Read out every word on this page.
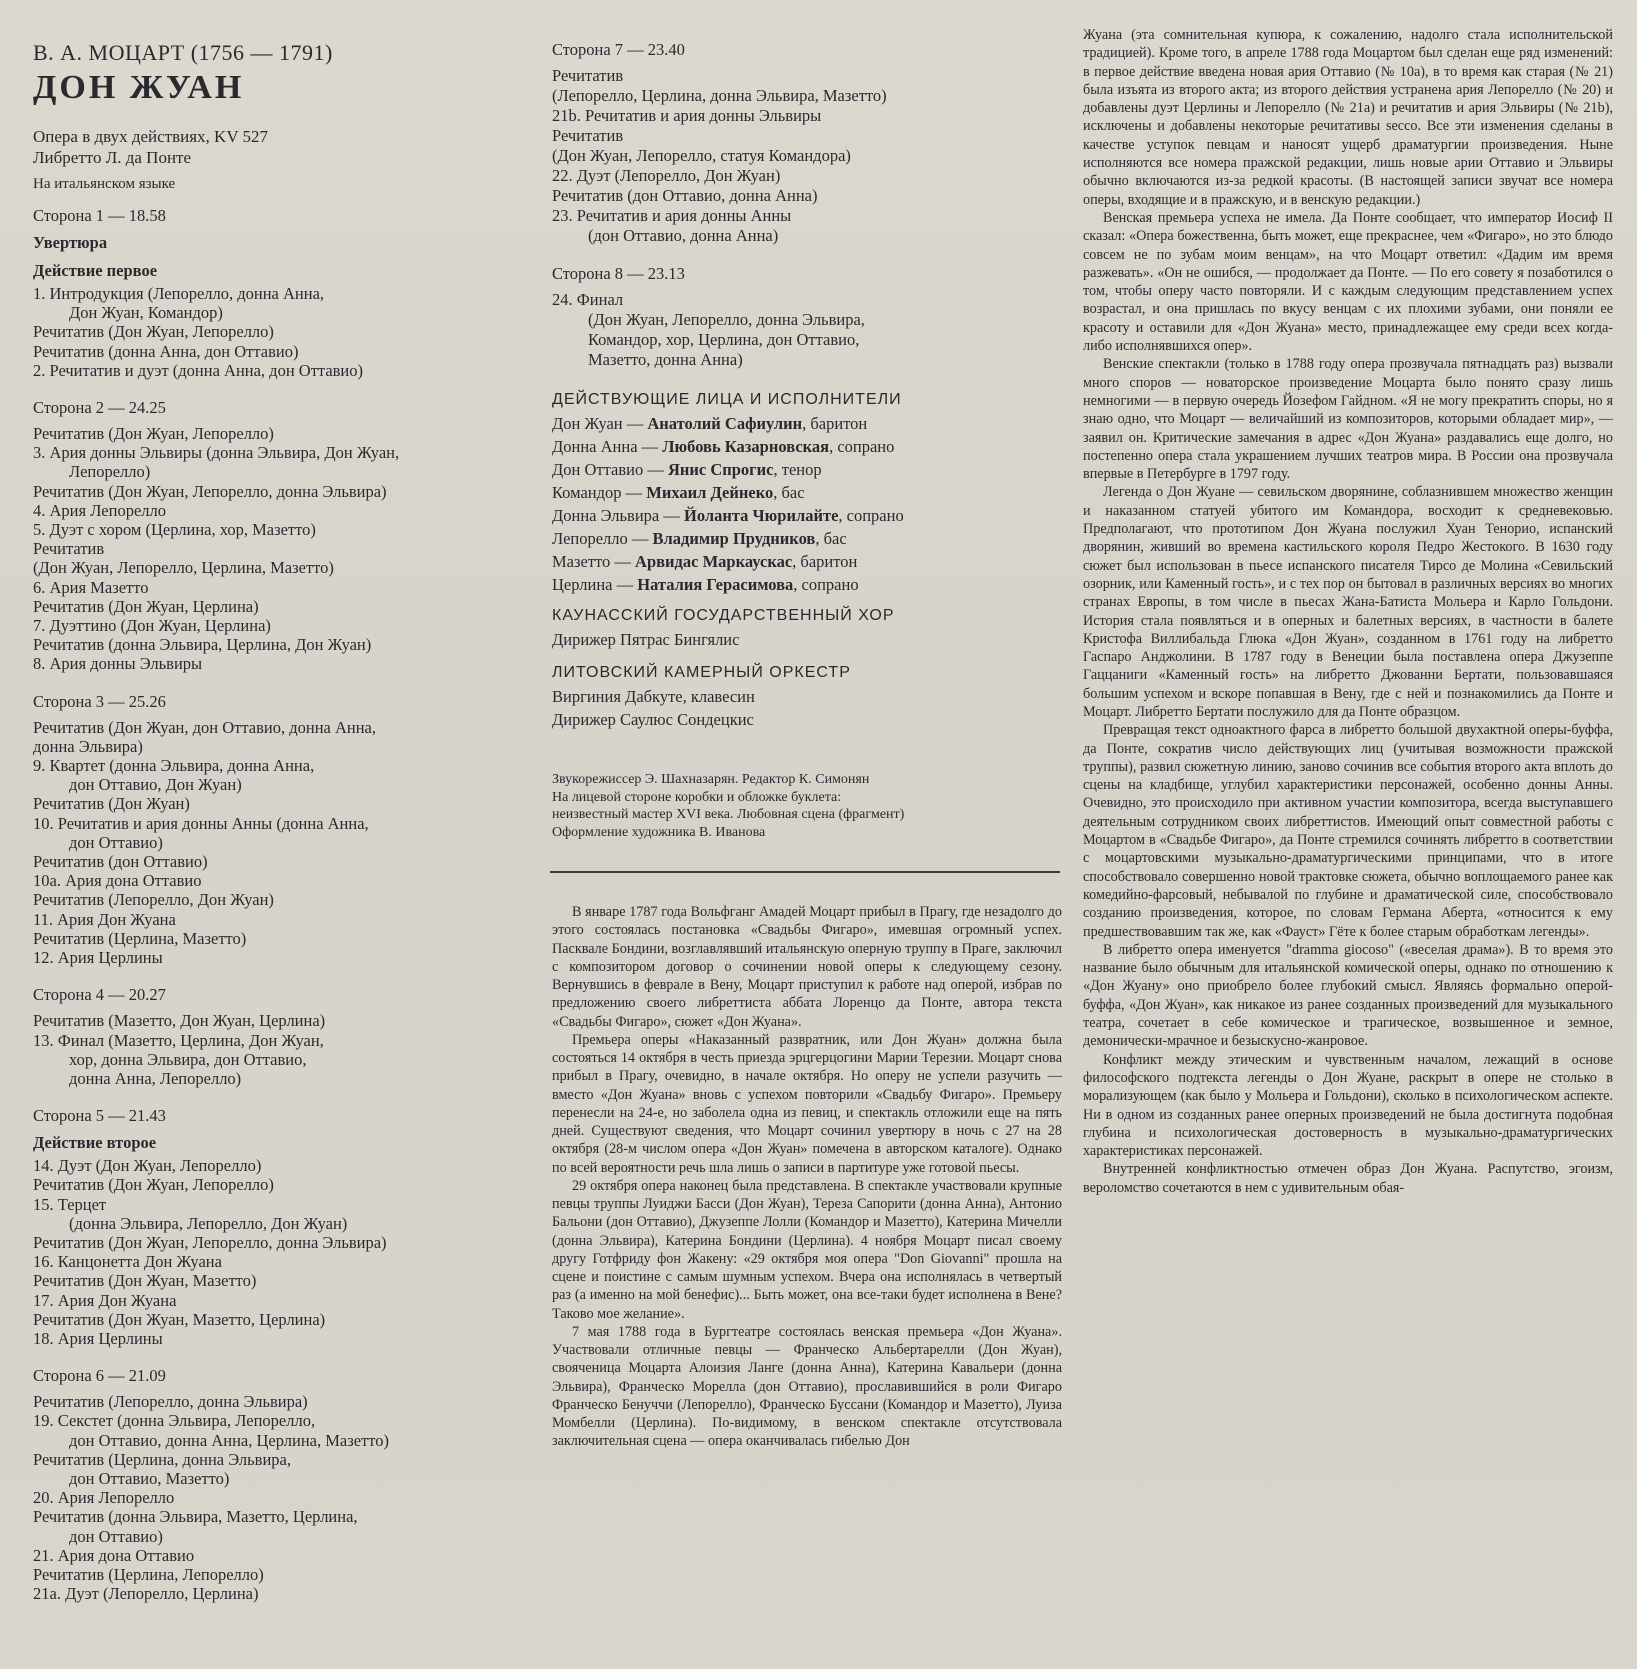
В. А. МОЦАРТ (1756 — 1791)
ДОН ЖУАН
Опера в двух действиях, KV 527
Либретто Л. да Понте
На итальянском языке
Сторона 1 — 18.58
Увертюра
Действие первое
1. Интродукция (Лепорелло, донна Анна,
Дон Жуан, Командор)
Речитатив (Дон Жуан, Лепорелло)
Речитатив (донна Анна, дон Оттавио)
2. Речитатив и дуэт (донна Анна, дон Оттавио)
Сторона 2 — 24.25
Речитатив (Дон Жуан, Лепорелло)
3. Ария донны Эльвиры (донна Эльвира, Дон Жуан,
Лепорелло)
Речитатив (Дон Жуан, Лепорелло, донна Эльвира)
4. Ария Лепорелло
5. Дуэт с хором (Церлина, хор, Мазетто)
Речитатив
(Дон Жуан, Лепорелло, Церлина, Мазетто)
6. Ария Мазетто
Речитатив (Дон Жуан, Церлина)
7. Дуэттино (Дон Жуан, Церлина)
Речитатив (донна Эльвира, Церлина, Дон Жуан)
8. Ария донны Эльвиры
Сторона 3 — 25.26
Речитатив (Дон Жуан, дон Оттавио, донна Анна,
донна Эльвира)
9. Квартет (донна Эльвира, донна Анна,
дон Оттавио, Дон Жуан)
Речитатив (Дон Жуан)
10. Речитатив и ария донны Анны (донна Анна,
дон Оттавио)
Речитатив (дон Оттавио)
10а. Ария дона Оттавио
Речитатив (Лепорелло, Дон Жуан)
11. Ария Дон Жуана
Речитатив (Церлина, Мазетто)
12. Ария Церлины
Сторона 4 — 20.27
Речитатив (Мазетто, Дон Жуан, Церлина)
13. Финал (Мазетто, Церлина, Дон Жуан,
хор, донна Эльвира, дон Оттавио,
донна Анна, Лепорелло)
Сторона 5 — 21.43
Действие второе
14. Дуэт (Дон Жуан, Лепорелло)
Речитатив (Дон Жуан, Лепорелло)
15. Терцет
(донна Эльвира, Лепорелло, Дон Жуан)
Речитатив (Дон Жуан, Лепорелло, донна Эльвира)
16. Канцонетта Дон Жуана
Речитатив (Дон Жуан, Мазетто)
17. Ария Дон Жуана
Речитатив (Дон Жуан, Мазетто, Церлина)
18. Ария Церлины
Сторона 6 — 21.09
Речитатив (Лепорелло, донна Эльвира)
19. Секстет (донна Эльвира, Лепорелло,
дон Оттавио, донна Анна, Церлина, Мазетто)
Речитатив (Церлина, донна Эльвира,
дон Оттавио, Мазетто)
20. Ария Лепорелло
Речитатив (донна Эльвира, Мазетто, Церлина,
дон Оттавио)
21. Ария дона Оттавио
Речитатив (Церлина, Лепорелло)
21а. Дуэт (Лепорелло, Церлина)
Сторона 7 — 23.40
Речитатив
(Лепорелло, Церлина, донна Эльвира, Мазетто)
21b. Речитатив и ария донны Эльвиры
Речитатив
(Дон Жуан, Лепорелло, статуя Командора)
22. Дуэт (Лепорелло, Дон Жуан)
Речитатив (дон Оттавио, донна Анна)
23. Речитатив и ария донны Анны
(дон Оттавио, донна Анна)
Сторона 8 — 23.13
24. Финал
(Дон Жуан, Лепорелло, донна Эльвира,
Командор, хор, Церлина, дон Оттавио,
Мазетто, донна Анна)
ДЕЙСТВУЮЩИЕ ЛИЦА И ИСПОЛНИТЕЛИ
Дон Жуан — Анатолий Сафиулин, баритон
Донна Анна — Любовь Казарновская, сопрано
Дон Оттавио — Янис Спрогис, тенор
Командор — Михаил Дейнеко, бас
Донна Эльвира — Йоланта Чюрилайте, сопрано
Лепорелло — Владимир Прудников, бас
Мазетто — Арвидас Маркаускас, баритон
Церлина — Наталия Герасимова, сопрано
КАУНАССКИЙ ГОСУДАРСТВЕННЫЙ ХОР
Дирижер Пятрас Бингялис
ЛИТОВСКИЙ КАМЕРНЫЙ ОРКЕСТР
Виргиния Дабкуте, клавесин
Дирижер Саулюс Сондецкис
Звукорежиссер Э. Шахназарян. Редактор К. Симонян
На лицевой стороне коробки и обложке буклета:
неизвестный мастер XVI века. Любовная сцена (фрагмент)
Оформление художника В. Иванова

В январе 1787 года Вольфганг Амадей Моцарт прибыл в Прагу, где незадолго до этого состоялась постановка «Свадьбы Фигаро», имевшая огромный успех. Пасквале Бондини, возглавлявший итальянскую оперную труппу в Праге, заключил с композитором договор о сочинении новой оперы к следующему сезону. Вернувшись в феврале в Вену, Моцарт приступил к работе над оперой, избрав по предложению своего либреттиста аббата Лоренцо да Понте, автора текста «Свадьбы Фигаро», сюжет «Дон Жуана».

Премьера оперы «Наказанный развратник, или Дон Жуан» должна была состояться 14 октября в честь приезда эрцгерцогини Марии Терезии. Моцарт снова прибыл в Прагу, очевидно, в начале октября. Но оперу не успели разучить — вместо «Дон Жуана» вновь с успехом повторили «Свадьбу Фигаро». Премьеру перенесли на 24-е, но заболела одна из певиц, и спектакль отложили еще на пять дней. Существуют сведения, что Моцарт сочинил увертюру в ночь с 27 на 28 октября (28-м числом опера «Дон Жуан» помечена в авторском каталоге). Однако по всей вероятности речь шла лишь о записи в партитуре уже готовой пьесы.

29 октября опера наконец была представлена. В спектакле участвовали крупные певцы труппы Луиджи Басси (Дон Жуан), Тереза Сапорити (донна Анна), Антонио Бальони (дон Оттавио), Джузеппе Лолли (Командор и Мазетто), Катерина Мичелли (донна Эльвира), Катерина Бондини (Церлина). 4 ноября Моцарт писал своему другу Готфриду фон Жакену: «29 октября моя опера "Don Giovanni" прошла на сцене и поистине с самым шумным успехом. Вчера она исполнялась в четвертый раз (а именно на мой бенефис)... Быть может, она все-таки будет исполнена в Вене? Таково мое желание».

7 мая 1788 года в Бургтеатре состоялась венская премьера «Дон Жуана». Участвовали отличные певцы — Франческо Альбертарелли (Дон Жуан), свояченица Моцарта Алоизия Ланге (донна Анна), Катерина Кавальери (донна Эльвира), Франческо Морелла (дон Оттавио), прославившийся в роли Фигаро Франческо Бенуччи (Лепорелло), Франческо Буссани (Командор и Мазетто), Луиза Момбелли (Церлина). По-видимому, в венском спектакле отсутствовала заключительная сцена — опера оканчивалась гибелью Дон

Жуана (эта сомнительная купюра, к сожалению, надолго стала исполнительской традицией). Кроме того, в апреле 1788 года Моцартом был сделан еще ряд изменений: в первое действие введена новая ария Оттавио (№ 10а), в то время как старая (№ 21) была изъята из второго акта; из второго действия устранена ария Лепорелло (№ 20) и добавлены дуэт Церлины и Лепорелло (№ 21а) и речитатив и ария Эльвиры (№ 21b), исключены и добавлены некоторые речитативы secco. Все эти изменения сделаны в качестве уступок певцам и наносят ущерб драматургии произведения. Ныне исполняются все номера пражской редакции, лишь новые арии Оттавио и Эльвиры обычно включаются из-за редкой красоты. (В настоящей записи звучат все номера оперы, входящие и в пражскую, и в венскую редакции.)

Венская премьера успеха не имела. Да Понте сообщает, что император Иосиф II сказал: «Опера божественна, быть может, еще прекраснее, чем «Фигаро», но это блюдо совсем не по зубам моим венцам», на что Моцарт ответил: «Дадим им время разжевать». «Он не ошибся, — продолжает да Понте. — По его совету я позаботился о том, чтобы оперу часто повторяли. И с каждым следующим представлением успех возрастал, и она пришлась по вкусу венцам с их плохими зубами, они поняли ее красоту и оставили для «Дон Жуана» место, принадлежащее ему среди всех когда-либо исполнявшихся опер».

Венские спектакли (только в 1788 году опера прозвучала пятнадцать раз) вызвали много споров — новаторское произведение Моцарта было понято сразу лишь немногими — в первую очередь Йозефом Гайдном. «Я не могу прекратить споры, но я знаю одно, что Моцарт — величайший из композиторов, которыми обладает мир», — заявил он. Критические замечания в адрес «Дон Жуана» раздавались еще долго, но постепенно опера стала украшением лучших театров мира. В России она прозвучала впервые в Петербурге в 1797 году.

Легенда о Дон Жуане — севильском дворянине, соблазнившем множество женщин и наказанном статуей убитого им Командора, восходит к средневековью. Предполагают, что прототипом Дон Жуана послужил Хуан Тенорио, испанский дворянин, живший во времена кастильского короля Педро Жестокого. В 1630 году сюжет был использован в пьесе испанского писателя Тирсо де Молина «Севильский озорник, или Каменный гость», и с тех пор он бытовал в различных версиях во многих странах Европы, в том числе в пьесах Жана-Батиста Мольера и Карло Гольдони. История стала появляться и в оперных и балетных версиях, в частности в балете Кристофа Виллибальда Глюка «Дон Жуан», созданном в 1761 году на либретто Гаспаро Анджолини. В 1787 году в Венеции была поставлена опера Джузеппе Гаццаниги «Каменный гость» на либретто Джованни Бертати, пользовавшаяся большим успехом и вскоре попавшая в Вену, где с ней и познакомились да Понте и Моцарт. Либретто Бертати послужило для да Понте образцом.

Превращая текст одноактного фарса в либретто большой двухактной оперы-буффа, да Понте, сократив число действующих лиц (учитывая возможности пражской труппы), развил сюжетную линию, заново сочинив все события второго акта вплоть до сцены на кладбище, углубил характеристики персонажей, особенно донны Анны. Очевидно, это происходило при активном участии композитора, всегда выступавшего деятельным сотрудником своих либреттистов. Имеющий опыт совместной работы с Моцартом в «Свадьбе Фигаро», да Понте стремился сочинять либретто в соответствии с моцартовскими музыкально-драматургическими принципами, что в итоге способствовало совершенно новой трактовке сюжета, обычно воплощаемого ранее как комедийно-фарсовый, небывалой по глубине и драматической силе, способствовало созданию произведения, которое, по словам Германа Аберта, «относится к ему предшествовавшим так же, как «Фауст» Гёте к более старым обработкам легенды».

В либретто опера именуется "dramma giocoso" («веселая драма»). В то время это название было обычным для итальянской комической оперы, однако по отношению к «Дон Жуану» оно приобрело более глубокий смысл. Являясь формально оперой-буффа, «Дон Жуан», как никакое из ранее созданных произведений для музыкального театра, сочетает в себе комическое и трагическое, возвышенное и земное, демонически-мрачное и безыскусно-жанровое.

Конфликт между этическим и чувственным началом, лежащий в основе философского подтекста легенды о Дон Жуане, раскрыт в опере не столько в морализующем (как было у Мольера и Гольдони), сколько в психологическом аспекте. Ни в одном из созданных ранее оперных произведений не была достигнута подобная глубина и психологическая достоверность в музыкально-драматургических характеристиках персонажей.

Внутренней конфликтностью отмечен образ Дон Жуана. Распутство, эгоизм, вероломство сочетаются в нем с удивительным обая-
